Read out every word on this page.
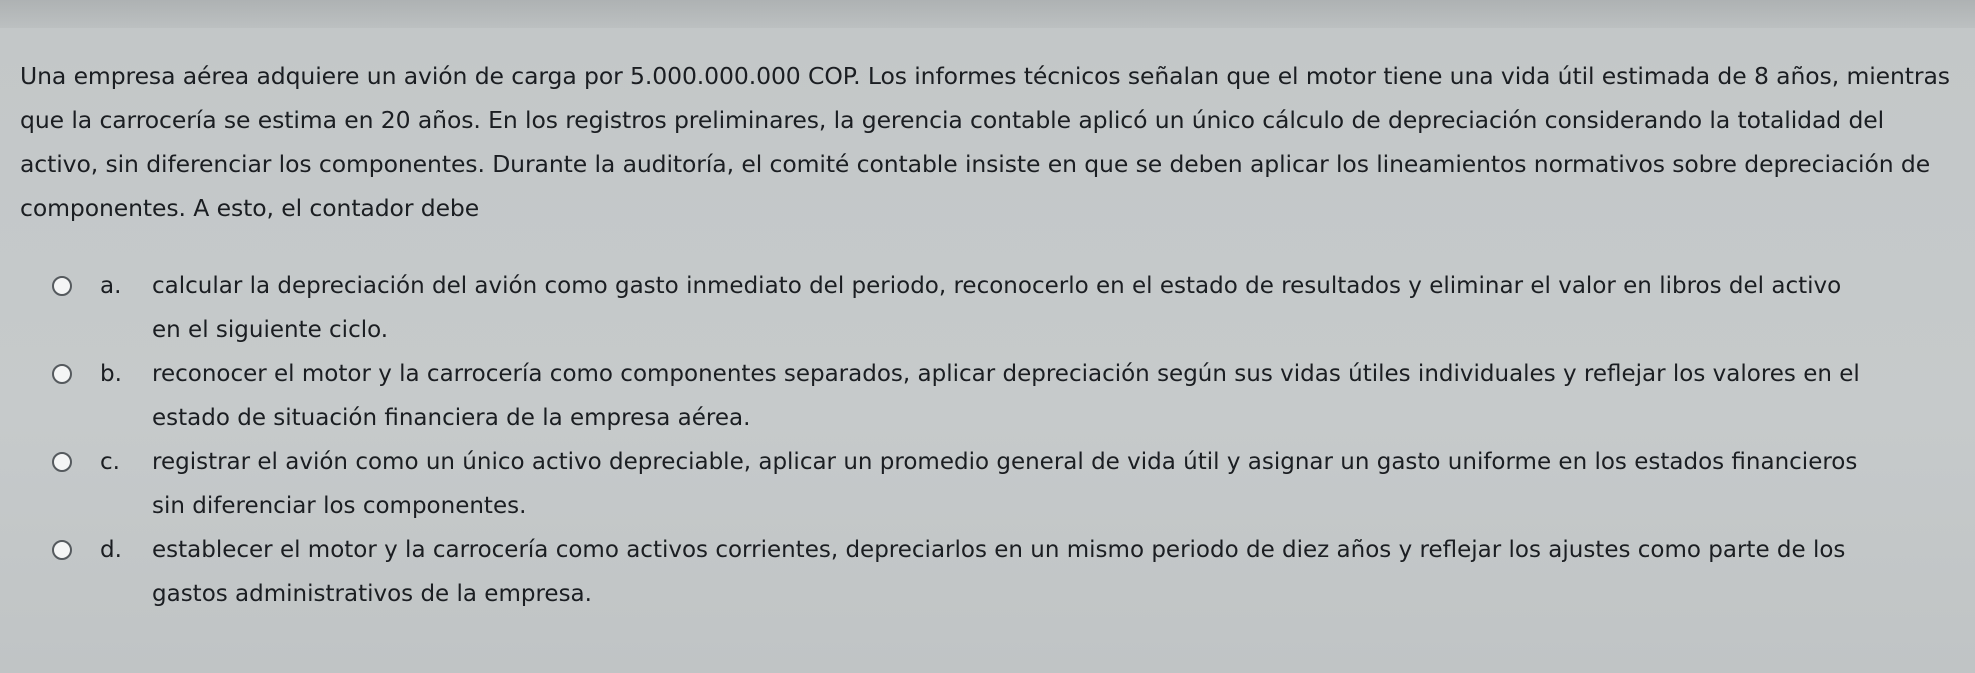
Una empresa aérea adquiere un avión de carga por 5.000.000.000 COP. Los informes técnicos señalan que el motor tiene una vida útil estimada de 8 años, mientras que la carrocería se estima en 20 años. En los registros preliminares, la gerencia contable aplicó un único cálculo de depreciación considerando la totalidad del activo, sin diferenciar los componentes. Durante la auditoría, el comité contable insiste en que se deben aplicar los lineamientos normativos sobre depreciación de componentes. A esto, el contador debe
a.	calcular la depreciación del avión como gasto inmediato del periodo, reconocerlo en el estado de resultados y eliminar el valor en libros del activo
en el siguiente ciclo.
b.	reconocer el motor y la carrocería como componentes separados, aplicar depreciación según sus vidas útiles individuales y reflejar los valores en el
estado de situación financiera de la empresa aérea.
c.	registrar el avión como un único activo depreciable, aplicar un promedio general de vida útil y asignar un gasto uniforme en los estados financieros
sin diferenciar los componentes.
d.	establecer el motor y la carrocería como activos corrientes, depreciarlos en un mismo periodo de diez años y reflejar los ajustes como parte de los
gastos administrativos de la empresa.
